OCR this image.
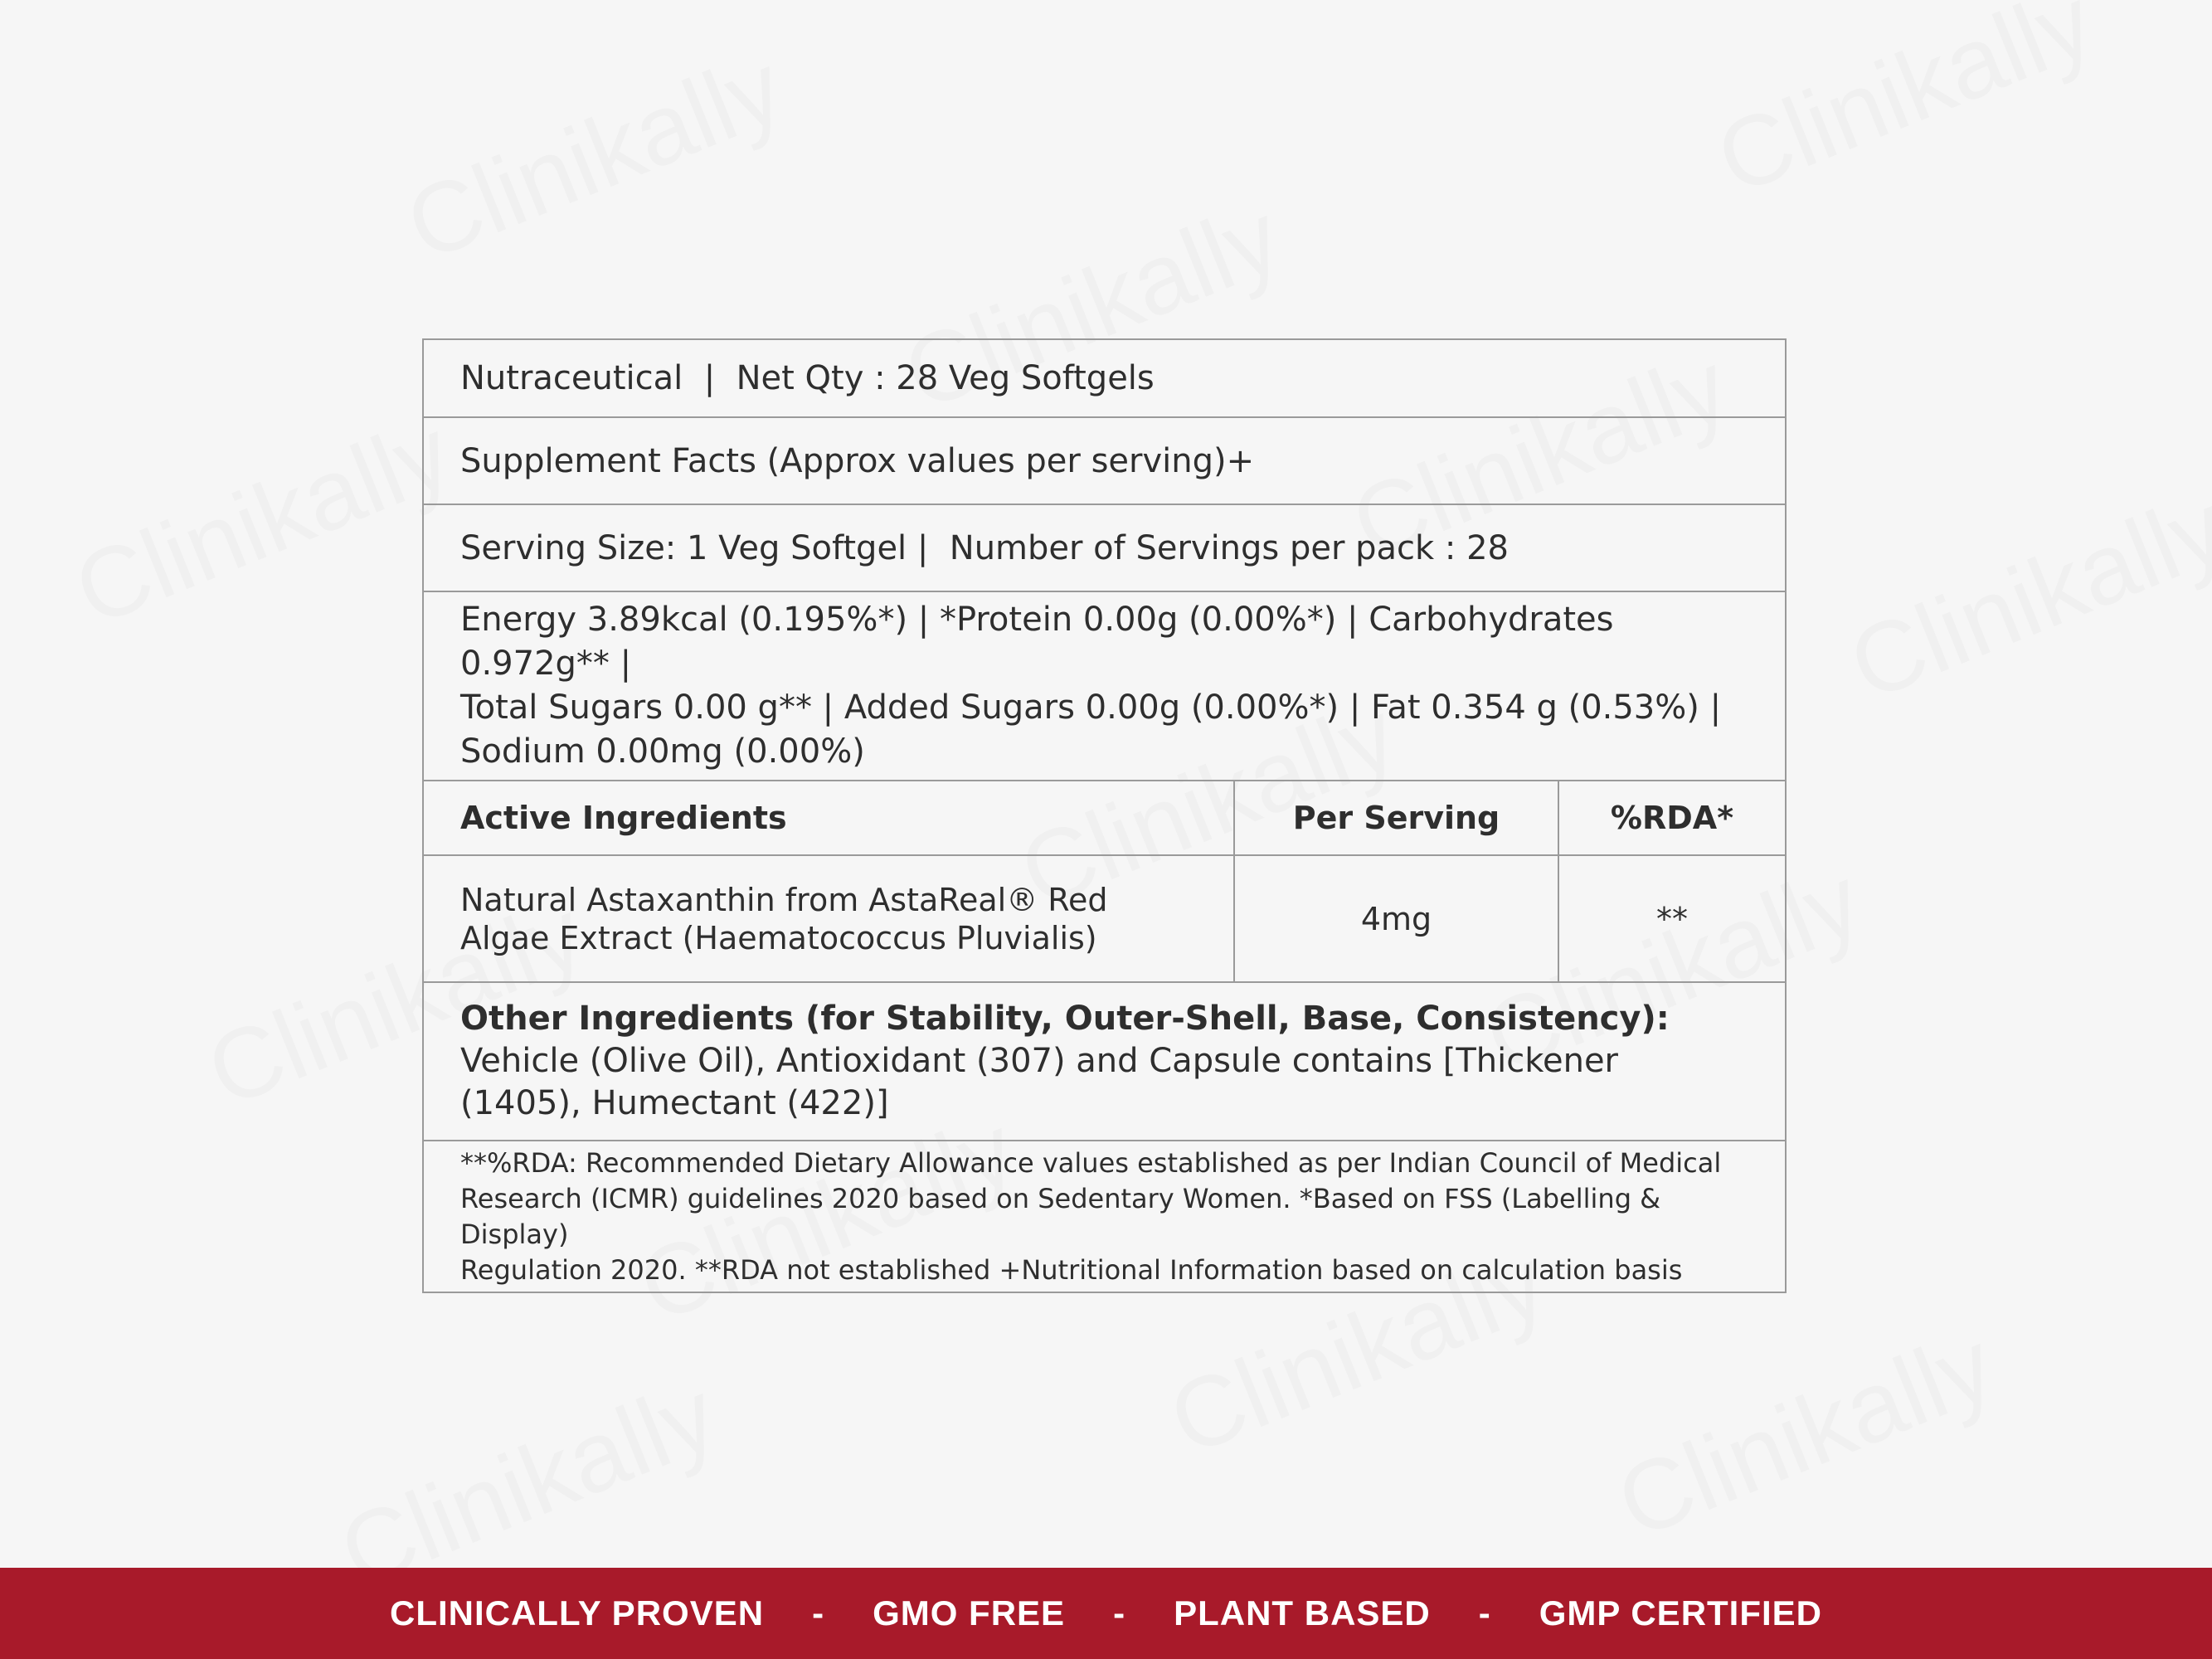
Nutraceutical  |  Net Qty : 28 Veg Softgels
Supplement Facts (Approx values per serving)+
Serving Size: 1 Veg Softgel |  Number of Servings per pack : 28
Energy 3.89kcal (0.195%*) | *Protein 0.00g (0.00%*) | Carbohydrates 0.972g** |
Total Sugars 0.00 g** | Added Sugars 0.00g (0.00%*) | Fat 0.354 g (0.53%) |
Sodium 0.00mg (0.00%)
Active Ingredients	Per Serving	%RDA*
Natural Astaxanthin from AstaReal® Red
Algae Extract (Haematococcus Pluvialis)
4mg	**
Other Ingredients (for Stability, Outer-Shell, Base, Consistency): Vehicle (Olive Oil), Antioxidant (307) and Capsule contains [Thickener (1405), Humectant (422)]
**%RDA: Recommended Dietary Allowance values established as per Indian Council of Medical
Research (ICMR) guidelines 2020 based on Sedentary Women. *Based on FSS (Labelling & Display)
Regulation 2020. **RDA not established +Nutritional Information based on calculation basis
CLINICALLY PROVEN	-	GMO FREE	-	PLANT BASED	-	GMP CERTIFIED
